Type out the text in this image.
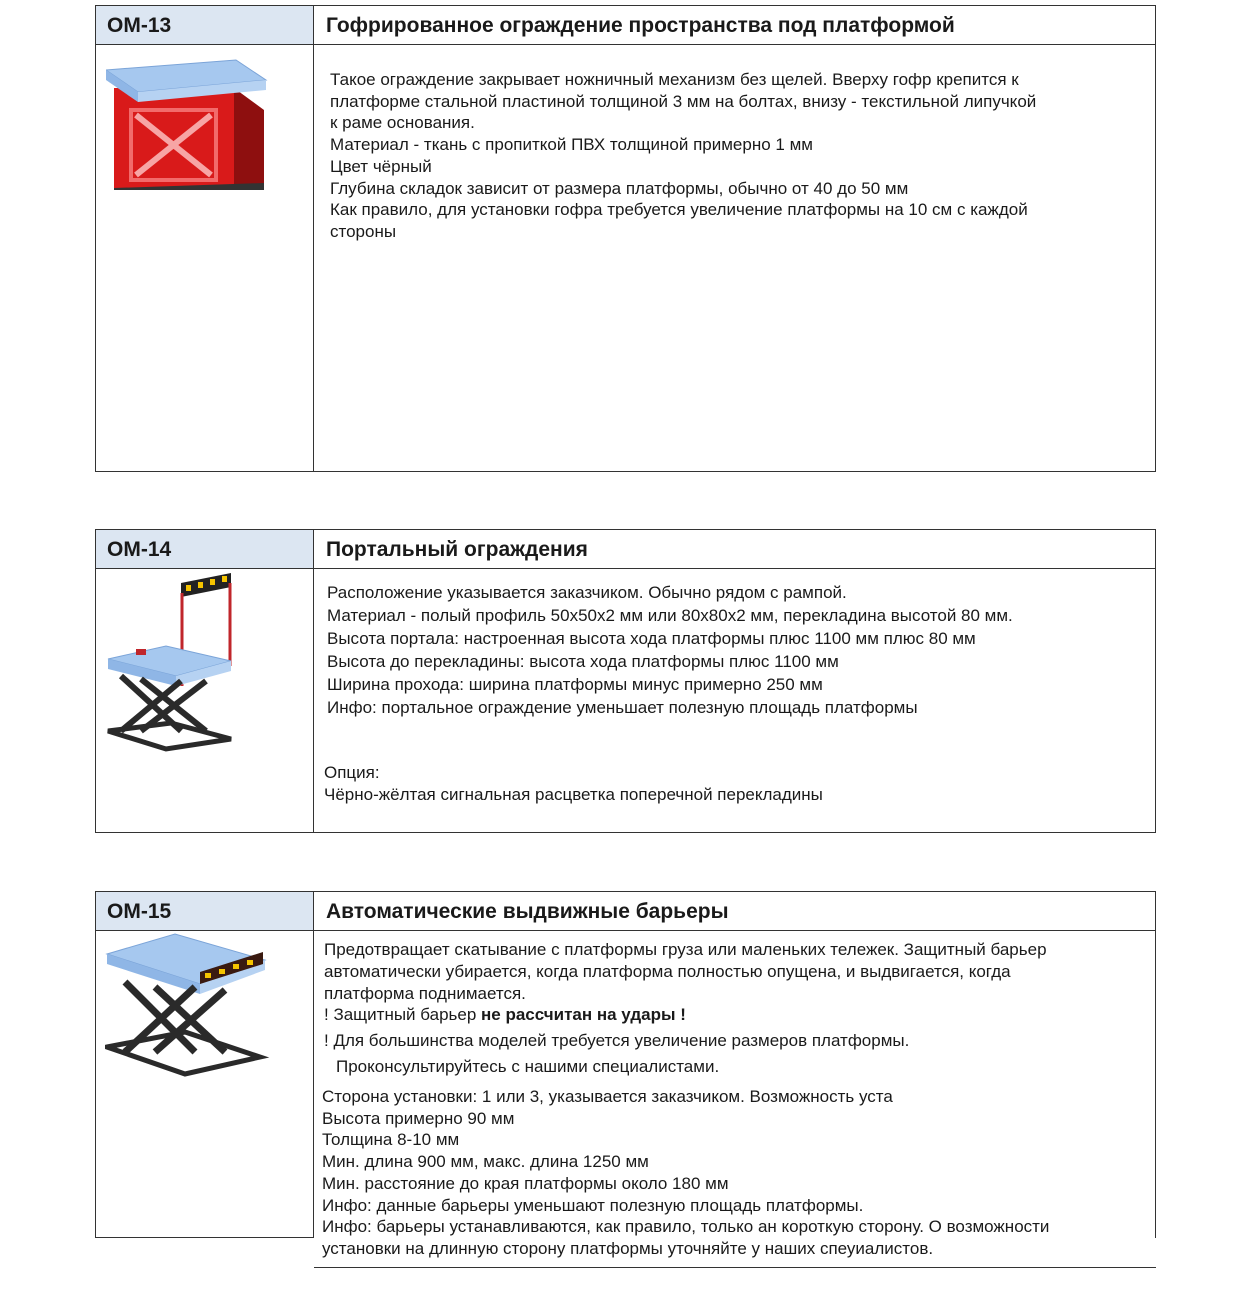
ОМ-13	Гофрированное ограждение пространства под платформой
Такое ограждение закрывает ножничный механизм без щелей. Вверху гофр крепится к
платформе стальной пластиной толщиной 3 мм на болтах, внизу - текстильной липучкой
к раме основания.
Материал - ткань с пропиткой ПВХ толщиной примерно 1 мм
Цвет чёрный
Глубина складок зависит от размера платформы, обычно от 40 до 50 мм
Как правило, для установки гофра требуется увеличение платформы на 10 см с каждой
стороны
ОМ-14	Портальный ограждения
Расположение указывается заказчиком. Обычно рядом с рампой.
Материал - полый профиль 50х50х2 мм или 80х80х2 мм, перекладина высотой 80 мм.
Высота портала: настроенная высота хода платформы плюс 1100 мм плюс 80 мм
Высота до перекладины: высота хода платформы плюс 1100 мм
Ширина прохода: ширина платформы минус примерно 250 мм
Инфо: портальное ограждение уменьшает полезную площадь платформы
Опция:
Чёрно-жёлтая сигнальная расцветка поперечной перекладины
ОМ-15	Автоматические выдвижные барьеры
Предотвращает скатывание с платформы груза или маленьких тележек. Защитный барьер
автоматически убирается, когда платформа полностью опущена, и выдвигается, когда
платформа поднимается.
! Защитный барьер не рассчитан на удары !
! Для большинства моделей требуется увеличение размеров платформы.
Проконсультируйтесь с нашими специалистами.
Сторона установки: 1 или 3, указывается заказчиком. Возможность уста
Высота примерно 90 мм
Толщина 8-10 мм
Мин. длина 900 мм, макс. длина 1250 мм
Мин. расстояние до края платформы около 180 мм
Инфо: данные барьеры уменьшают полезную площадь платформы.
Инфо: барьеры устанавливаются, как правило, только ан короткую сторону. О возможности
установки на длинную сторону платформы уточняйте у наших спеуиалистов.
